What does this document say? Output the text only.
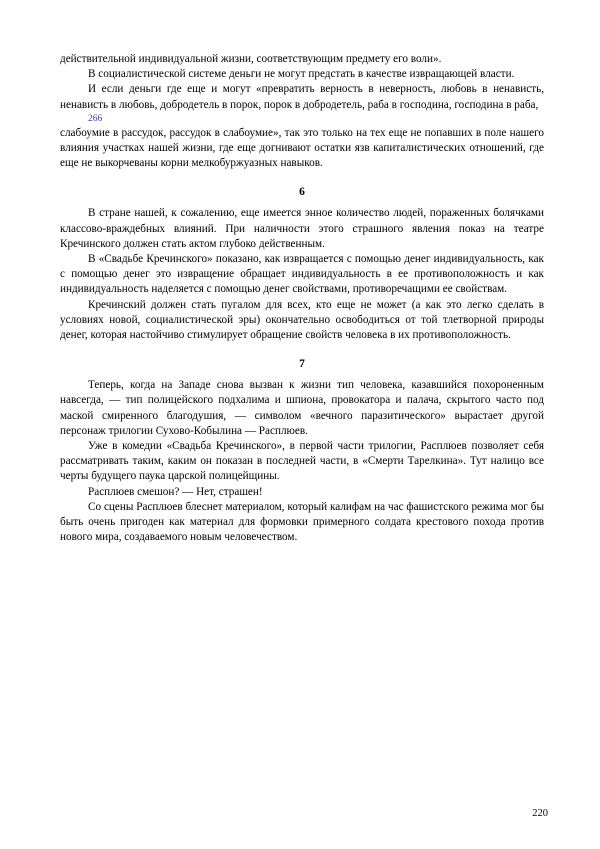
действительной индивидуальной жизни, соответствующим предмету его воли».

В социалистической системе деньги не могут предстать в качестве извращающей власти.

И если деньги где еще и могут «превратить верность в неверность, любовь в ненависть, ненависть в любовь, добродетель в порок, порок в добродетель, раба в господина, господина в раба,

266

слабоумие в рассудок, рассудок в слабоумие», так это только на тех еще не попавших в поле нашего влияния участках нашей жизни, где еще догнивают остатки язв капиталистических отношений, где еще не выкорчеваны корни мелкобуржуазных навыков.

6

В стране нашей, к сожалению, еще имеется энное количество людей, пораженных болячками классово-враждебных влияний. При наличности этого страшного явления показ на театре Кречинского должен стать актом глубоко действенным.

В «Свадьбе Кречинского» показано, как извращается с помощью денег индивидуальность, как с помощью денег это извращение обращает индивидуальность в ее противоположность и как индивидуальность наделяется с помощью денег свойствами, противоречащими ее свойствам.

Кречинский должен стать пугалом для всех, кто еще не может (а как это легко сделать в условиях новой, социалистической эры) окончательно освободиться от той тлетворной природы денег, которая настойчиво стимулирует обращение свойств человека в их противоположность.

7

Теперь, когда на Западе снова вызван к жизни тип человека, казавшийся похороненным навсегда, — тип полицейского подхалима и шпиона, провокатора и палача, скрытого часто под маской смиренного благодушия, — символом «вечного паразитического» вырастает другой персонаж трилогии Сухово-Кобылина — Расплюев.

Уже в комедии «Свадьба Кречинского», в первой части трилогии, Расплюев позволяет себя рассматривать таким, каким он показан в последней части, в «Смерти Тарелкина». Тут налицо все черты будущего паука царской полицейщины.

Расплюев смешон? — Нет, страшен!

Со сцены Расплюев блеснет материалом, который калифам на час фашистского режима мог бы быть очень пригоден как материал для формовки примерного солдата крестового похода против нового мира, создаваемого новым человечеством.

220
